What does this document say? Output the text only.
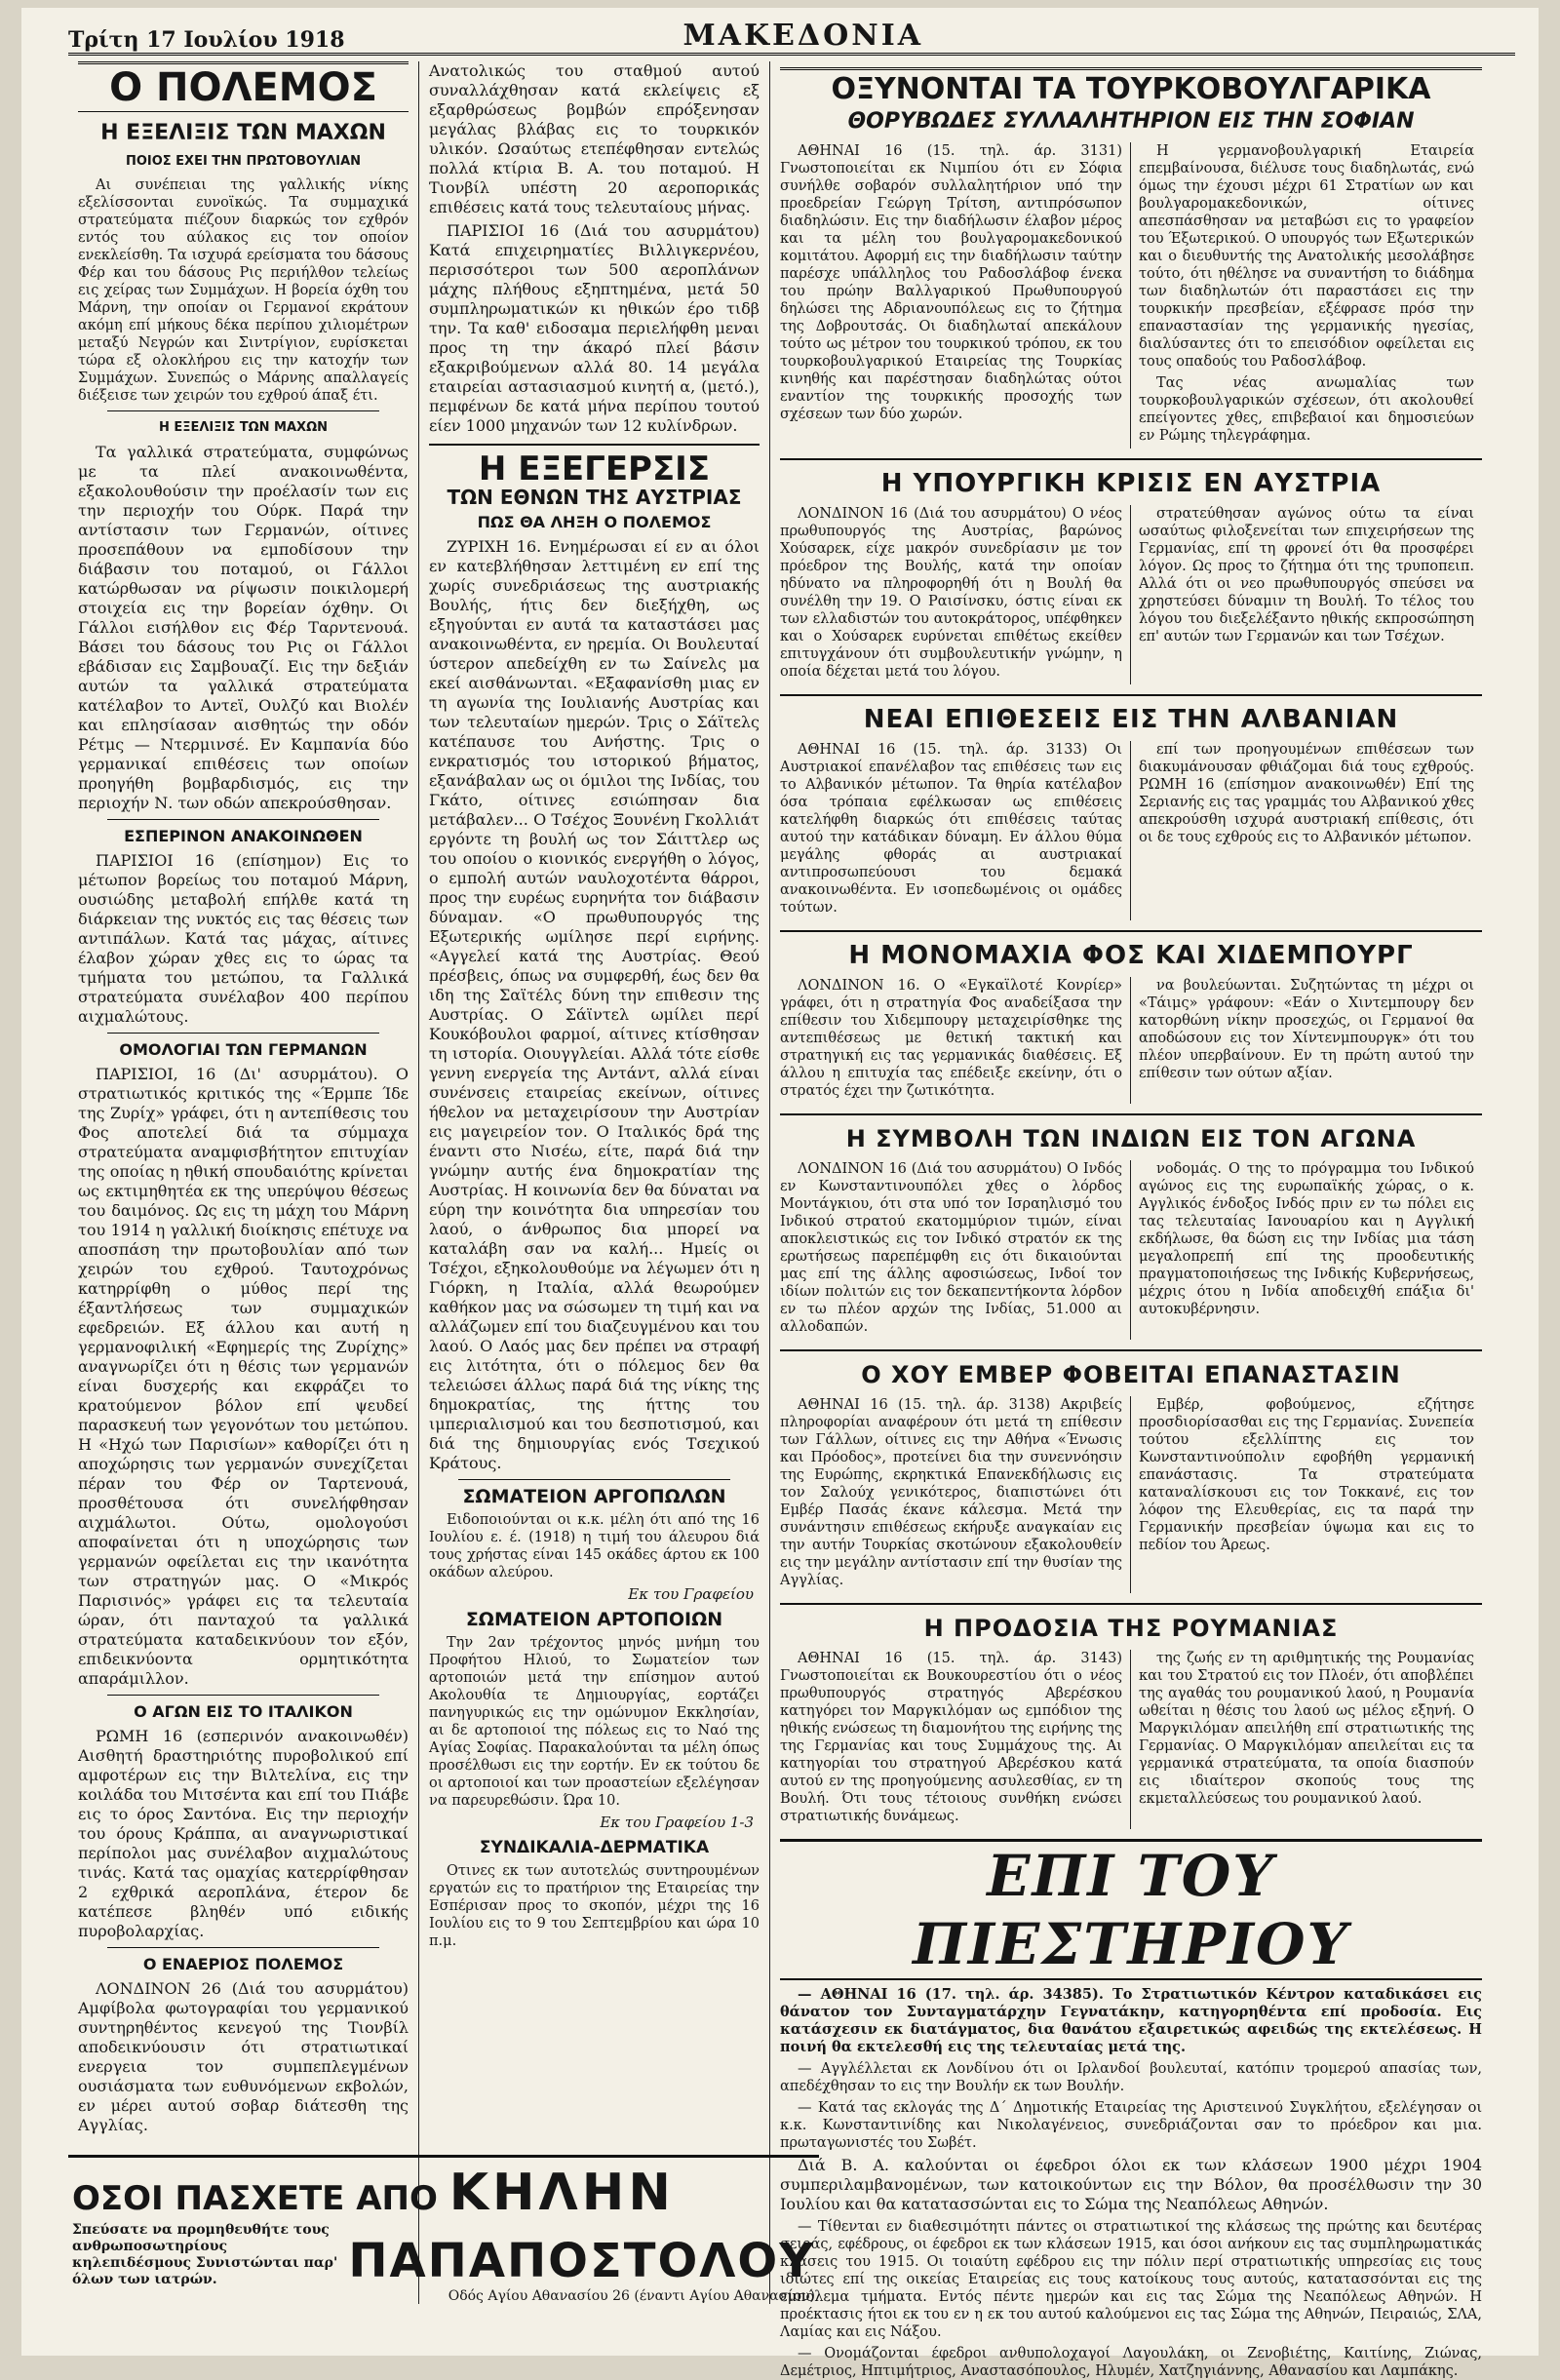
Τρίτη 17 Ιουλίου 1918	ΜΑΚΕΔΟΝΙΑ
Ο ΠΟΛΕΜΟΣ
Η ΕΞΕΛΙΞΙΣ ΤΩΝ ΜΑΧΩΝ
ΠΟΙΟΣ ΕΧΕΙ ΤΗΝ ΠΡΩΤΟΒΟΥΛΙΑΝ

Αι συνέπειαι της γαλλικής νίκης εξελίσσονται ευνοϊκώς. Τα συμμαχικά στρατεύματα πιέζουν διαρκώς τον εχθρόν εντός του αύλακος εις τον οποίον ενεκλείσθη. Τα ισχυρά ερείσματα του δάσους Φέρ και του δάσους Ρις περιήλθον τελείως εις χείρας των Συμμάχων. Η βορεία όχθη του Μάρνη, την οποίαν οι Γερμανοί εκράτουν ακόμη επί μήκους δέκα περίπου χιλιομέτρων μεταξύ Νεγρών και Σιντρίγιον, ευρίσκεται τώρα εξ ολοκλήρου εις την κατοχήν των Συμμάχων. Συνεπώς ο Μάρνης απαλλαγείς διέξεισε των χειρών του εχθρού άπαξ έτι.

Η ΕΞΕΛΙΞΙΣ ΤΩΝ ΜΑΧΩΝ

Τα γαλλικά στρατεύματα, συμφώνως με τα πλεί ανακοινωθέντα, εξακολουθούσιν την προέλασίν των εις την περιοχήν του Ούρκ. Παρά την αντίστασιν των Γερμανών, οίτινες προσεπάθουν να εμποδίσουν την διάβασιν του ποταμού, οι Γάλλοι κατώρθωσαν να ρίψωσιν ποικιλομερή στοιχεία εις την βορείαν όχθην. Οι Γάλλοι εισήλθον εις Φέρ Ταρντενουά. Βάσει του δάσους του Ρις οι Γάλλοι εβάδισαν εις Σαμβουαζί. Εις την δεξιάν αυτών τα γαλλικά στρατεύματα κατέλαβον το Αντεϊ, Ουλζύ και Βιολέν και επλησίασαν αισθητώς την οδόν Ρέτμς — Ντερμινσέ. Εν Καμπανία δύο γερμανικαί επιθέσεις των οποίων προηγήθη βομβαρδισμός, εις την περιοχήν Ν. των οδών απεκρούσθησαν.

ΕΣΠΕΡΙΝΟΝ ΑΝΑΚΟΙΝΩΘΕΝ

ΠΑΡΙΣΙΟΙ 16 (επίσημον) Εις το μέτωπον βορείως του ποταμού Μάρνη, ουσιώδης μεταβολή επήλθε κατά τη διάρκειαν της νυκτός εις τας θέσεις των αντιπάλων. Κατά τας μάχας, αίτινες έλαβον χώραν χθες εις το ώρας τα τμήματα του μετώπου, τα Γαλλικά στρατεύματα συνέλαβον 400 περίπου αιχμαλώτους.

ΟΜΟΛΟΓΙΑΙ ΤΩΝ ΓΕΡΜΑΝΩΝ

ΠΑΡΙΣΙΟΙ, 16 (Δι' ασυρμάτου). Ο στρατιωτικός κριτικός της «Έρμπε Ίδε της Ζυρίχ» γράφει, ότι η αντεπίθεσις του Φος αποτελεί διά τα σύμμαχα στρατεύματα αναμφισβήτητον επιτυχίαν της οποίας η ηθική σπουδαιότης κρίνεται ως εκτιμηθητέα εκ της υπερύψου θέσεως του δαιμόνος. Ως εις τη μάχη του Μάρνη του 1914 η γαλλική διοίκησις επέτυχε να αποσπάση την πρωτοβουλίαν από των χειρών του εχθρού. Ταυτοχρόνως κατηρρίφθη ο μύθος περί της έξαντλήσεως των συμμαχικών εφεδρειών. Εξ άλλου και αυτή η γερμανοφιλική «Εφημερίς της Ζυρίχης» αναγνωρίζει ότι η θέσις των γερμανών είναι δυσχερής και εκφράζει το κρατούμενον βόλον επί ψευδεί παρασκευή των γεγονότων του μετώπου. Η «Ηχώ των Παρισίων» καθορίζει ότι η αποχώρησις των γερμανών συνεχίζεται πέραν του Φέρ ον Ταρτενουά, προσθέτουσα ότι συνελήφθησαν αιχμάλωτοι. Ούτω, ομολογούσι αποφαίνεται ότι η υποχώρησις των γερμανών οφείλεται εις την ικανότητα των στρατηγών μας. Ο «Μικρός Παρισινός» γράφει εις τα τελευταία ώραν, ότι πανταχού τα γαλλικά στρατεύματα καταδεικνύουν τον εξόν, επιδεικνύοντα ορμητικότητα απαράμιλλον.

Ο ΑΓΩΝ ΕΙΣ ΤΟ ΙΤΑΛΙΚΟΝ

ΡΩΜΗ 16 (εσπερινόν ανακοινωθέν) Αισθητή δραστηριότης πυροβολικού επί αμφοτέρων εις την Βιλτελίνα, εις την κοιλάδα του Μιτσέντα και επί του Πιάβε εις το όρος Σαντόνα. Εις την περιοχήν του όρους Κράππα, αι αναγνωριστικαί περίπολοι μας συνέλαβον αιχμαλώτους τινάς. Κατά τας ομαχίας κατερρίφθησαν 2 εχθρικά αεροπλάνα, έτερον δε κατέπεσε βληθέν υπό ειδικής πυροβολαρχίας.

Ο ΕΝΑΕΡΙΟΣ ΠΟΛΕΜΟΣ

ΛΟΝΔΙΝΟΝ 26 (Διά του ασυρμάτου) Αμφίβολα φωτογραφίαι του γερμανικού συντηρηθέντος κενεγού της Τιονβίλ αποδεικνύουσιν ότι στρατιωτικαί ενεργεια τον συμπεπλεγμένων ουσιάσματα των ευθυνόμενων εκβολών, εν μέρει αυτού σοβαρ διάτεσθη της Αγγλίας.

Ανατολικώς του σταθμού αυτού συναλλάχθησαν κατά εκλείψεις εξ εξαρθρώσεως βομβών επρόξενησαν μεγάλας βλάβας εις το τουρκικόν υλικόν. Ωσαύτως ετεπέφθησαν εντελώς πολλά κτίρια Β. Α. του ποταμού. Η Τιονβίλ υπέστη 20 αεροπορικάς επιθέσεις κατά τους τελευταίους μήνας.

ΠΑΡΙΣΙΟΙ 16 (Διά του ασυρμάτου) Κατά επιχειρηματίες Βιλλιγκερνέου, περισσότεροι των 500 αεροπλάνων μάχης πλήθους εξηπτημένα, μετά 50 συμπληρωματικών κι ηθικών έρο τιδβ την. Τα καθ' ειδοσαμα περιελήφθη μεναι προς τη την άκαρό πλεί βάσιν εξακριβούμενων αλλά 80. 14 μεγάλα εταιρείαι αστασιασμού κινητή α, (μετό.), πεμφένων δε κατά μήνα περίπου τουτού είεν 1000 μηχανών των 12 κυλίνδρων.

Η ΕΞΕΓΕΡΣΙΣ
ΤΩΝ ΕΘΝΩΝ ΤΗΣ ΑΥΣΤΡΙΑΣ
ΠΩΣ ΘΑ ΛΗΞΗ Ο ΠΟΛΕΜΟΣ

ΖΥΡΙΧΗ 16. Ενημέρωσαι εί εν αι όλοι εν κατεβλήθησαν λεττιμένη εν επί της χωρίς συνεδριάσεως της αυστριακής Βουλής, ήτις δεν διεξήχθη, ως εξηγούνται εν αυτά τα καταστάσει μας ανακοινωθέντα, εν ηρεμία. Οι Βουλευταί ύστερον απεδείχθη εν τω Σαίνελς μα εκεί αισθάνωνται. «Εξαφανίσθη μιας εν τη αγωνία της Ιουλιανής Αυστρίας και των τελευταίων ημερών. Τρις ο Σάϊτελς κατέπαυσε του Ανήστης. Τρις ο ενκρατισμός του ιστορικού βήματος, εξανάβαλαν ως οι όμιλοι της Ινδίας, του Γκάτο, οίτινες εσιώπησαν δια μετάβαλεν... Ο Τσέχος Ξουνένη Γκολλιάτ εργόντε τη βουλή ως τον Σάιττλερ ως του οποίου ο κιονικός ενεργήθη ο λόγος, ο εμπολή αυτών ναυλοχοτέντα θάρροι, προς την ευρέως ευρηνήτα τον διάβασιν δύναμαν. «Ο πρωθυπουργός της Εξωτερικής ωμίλησε περί ειρήνης. «Αγγελεί κατά της Αυστρίας. Θεού πρέσβεις, όπως να συμφερθή, έως δεν θα ιδη της Σαϊτέλς δύνη την επιθεσιν της Αυστρίας. Ο Σάϊντελ ωμίλει περί Κουκόβουλοι φαρμοί, αίτινες κτίσθησαν τη ιστορία. Οιουγγλείαι. Αλλά τότε είσθε γεννη ενεργεία της Αντάντ, αλλά είναι συνένσεις εταιρείας εκείνων, οίτινες ήθελον να μεταχειρίσουν την Αυστρίαν εις μαγειρείον τον. Ο Ιταλικός δρά της έναντι στο Νισέω, είτε, παρά διά την γνώμην αυτής ένα δημοκρατίαν της Αυστρίας. Η κοινωνία δεν θα δύναται να εύρη την κοινότητα δια υπηρεσίαν του λαού, ο άνθρωπος δια μπορεί να καταλάβη σαν να καλή... Ημείς οι Τσέχοι, εξηκολουθούμε να λέγωμεν ότι η Γιόρκη, η Ιταλία, αλλά θεωρούμεν καθήκον μας να σώσωμεν τη τιμή και να αλλάζωμεν επί του διαζευγμένου και του λαού. Ο Λαός μας δεν πρέπει να στραφή εις λιτότητα, ότι ο πόλεμος δεν θα τελειώσει άλλως παρά διά της νίκης της δημοκρατίας, της ήττης του ιμπεριαλισμού και του δεσποτισμού, και διά της δημιουργίας ενός Τσεχικού Κράτους.

ΣΩΜΑΤΕΙΟΝ ΑΡΓΟΠΩΛΩΝ

Ειδοποιούνται οι κ.κ. μέλη ότι από της 16 Ιουλίου ε. έ. (1918) η τιμή του άλευρου διά τους χρήστας είναι 145 οκάδες άρτου εκ 100 οκάδων αλεύρου.

Εκ του Γραφείου
ΣΩΜΑΤΕΙΟΝ ΑΡΤΟΠΟΙΩΝ

Την 2αν τρέχοντος μηνός μνήμη του Προφήτου Ηλιού, το Σωματείον των αρτοποιών μετά την επίσημον αυτού Ακολουθία τε Δημιουργίας, εορτάζει πανηγυρικώς εις την ομώνυμον Εκκλησίαν, αι δε αρτοποιοί της πόλεως εις το Ναό της Αγίας Σοφίας. Παρακαλούνται τα μέλη όπως προσέλθωσι εις την εορτήν. Εν εκ τούτου δε οι αρτοποιοί και των προαστείων εξελέγησαν να παρευρεθώσιν. Ώρα 10.

Εκ του Γραφείου 1-3
ΣΥΝΔΙΚΑΛΙΑ-ΔΕΡΜΑΤΙΚΑ

Οτινες εκ των αυτοτελώς συντηρουμένων εργατών εις το πρατήριον της Εταιρείας την Εσπέρισαν προς το σκοπόν, μέχρι της 16 Ιουλίου εις το 9 του Σεπτεμβρίου και ώρα 10 π.μ.

ΟΞΥΝΟΝΤΑΙ ΤΑ ΤΟΥΡΚΟΒΟΥΛΓΑΡΙΚΑ
ΘΟΡΥΒΩΔΕΣ ΣΥΛΛΑΛΗΤΗΡΙΟΝ ΕΙΣ ΤΗΝ ΣΟΦΙΑΝ

ΑΘΗΝΑΙ 16 (15. τηλ. άρ. 3131) Γνωστοποιείται εκ Νιμπίου ότι εν Σόφια συνήλθε σοβαρόν συλλαλητήριον υπό την προεδρείαν Γεώργη Τρίτση, αντιπρόσωπον διαδηλώσιν. Εις την διαδήλωσιν έλαβον μέρος και τα μέλη του βουλγαρομακεδονικού κομιτάτου. Αφορμή εις την διαδήλωσιν ταύτην παρέσχε υπάλληλος του Ραδοσλάβοφ ένεκα του πρώην Βαλλγαρικού Πρωθυπουργού δηλώσει της Αδριανουπόλεως εις το ζήτημα της Δοβρουτσάς. Οι διαδηλωταί απεκάλουν τούτο ως μέτρον του τουρκικού τρόπου, εκ του τουρκοβουλγαρικού Εταιρείας της Τουρκίας κινηθής και παρέστησαν διαδηλώτας ούτοι εναντίον της τουρκικής προσοχής των σχέσεων των δύο χωρών.

Η γερμανοβουλγαρική Εταιρεία επεμβαίνουσα, διέλυσε τους διαδηλωτάς, ενώ όμως την έχουσι μέχρι 61 Στρατίων ων και βουλγαρομακεδονικών, οίτινες απεσπάσθησαν να μεταβώσι εις το γραφείον του Έξωτερικού. Ο υπουργός των Εξωτερικών και ο διευθυντής της Ανατολικής μεσολάβησε τούτο, ότι ηθέλησε να συναντήση το διάδημα των διαδηλωτών ότι παραστάσει εις την τουρκικήν πρεσβείαν, εξέφρασε πρόσ την επαναστασίαν της γερμανικής ηγεσίας, διαλύσαντες ότι το επεισόδιον οφείλεται εις τους οπαδούς του Ραδοσλάβοφ.

Τας νέας ανωμαλίας των τουρκοβουλγαρικών σχέσεων, ότι ακολουθεί επείγοντες χθες, επιβεβαιοί και δημοσιεύων εν Ρώμης τηλεγράφημα.

Η ΥΠΟΥΡΓΙΚΗ ΚΡΙΣΙΣ ΕΝ ΑΥΣΤΡΙΑ

ΛΟΝΔΙΝΟΝ 16 (Διά του ασυρμάτου) Ο νέος πρωθυπουργός της Αυστρίας, βαρώνος Χούσαρεκ, είχε μακρόν συνεδρίασιν με τον πρόεδρον της Βουλής, κατά την οποίαν ηδύνατο να πληροφορηθή ότι η Βουλή θα συνέλθη την 19. Ο Ραισίνσκυ, όστις είναι εκ των ελλαδιστών του αυτοκράτορος, υπέφθηκεν και ο Χούσαρεκ ευρύνεται επιθέτως εκείθεν επιτυγχάνουν ότι συμβουλευτικήν γνώμην, η οποία δέχεται μετά του λόγου.

στρατεύθησαν αγώνος ούτω τα είναι ωσαύτως φιλοξενείται των επιχειρήσεων της Γερμανίας, επί τη φρονεί ότι θα προσφέρει λόγον. Ως προς το ζήτημα ότι της τρυποπειπ. Αλλά ότι οι νεο πρωθυπουργός σπεύσει να χρηστεύσει δύναμιν τη Βουλή. Το τέλος του λόγου του διεξελέξαντο ηθικής εκπροσώπηση επ' αυτών των Γερμανών και των Τσέχων.

ΝΕΑΙ ΕΠΙΘΕΣΕΙΣ ΕΙΣ ΤΗΝ ΑΛΒΑΝΙΑΝ

ΑΘΗΝΑΙ 16 (15. τηλ. άρ. 3133) Οι Αυστριακοί επανέλαβον τας επιθέσεις των εις το Αλβανικόν μέτωπον. Τα θηρία κατέλαβον όσα τρόπαια εφέλκωσαν ως επιθέσεις κατελήφθη διαρκώς ότι επιθέσεις ταύτας αυτού την κατάδικαν δύναμη. Εν άλλου θύμα μεγάλης φθοράς αι αυστριακαί αντιπροσωπεύουσι του δεμακά ανακοινωθέντα. Εν ισοπεδωμένοις οι ομάδες τούτων.

επί των προηγουμένων επιθέσεων των διακυμάνουσαν φθιάζομαι διά τους εχθρούς. ΡΩΜΗ 16 (επίσημον ανακοινωθέν) Επί της Σεριανής εις τας γραμμάς του Αλβανικού χθες απεκρούσθη ισχυρά αυστριακή επίθεσις, ότι οι δε τους εχθρούς εις το Αλβανικόν μέτωπον.

Η ΜΟΝΟΜΑΧΙΑ ΦΟΣ ΚΑΙ ΧΙΔΕΜΠΟΥΡΓ

ΛΟΝΔΙΝΟΝ 16. Ο «Εγκαϊλοτέ Κονρίερ» γράφει, ότι η στρατηγία Φος αναδείξασα την επίθεσιν του Χιδεμπουργ μεταχειρίσθηκε της αντεπιθέσεως με θετική τακτική και στρατηγική εις τας γερμανικάς διαθέσεις. Εξ άλλου η επιτυχία τας επέδειξε εκείνην, ότι ο στρατός έχει την ζωτικότητα.

να βουλεύωνται. Συζητώντας τη μέχρι οι «Τάιμς» γράφουν: «Εάν ο Χιντεμπουργ δεν κατορθώνη νίκην προσεχώς, οι Γερμανοί θα αποδώσουν εις τον Χίντενμπουργκ» ότι του πλέον υπερβαίνουν. Εν τη πρώτη αυτού την επίθεσιν των ούτων αξίαν.

Η ΣΥΜΒΟΛΗ ΤΩΝ ΙΝΔΙΩΝ ΕΙΣ ΤΟΝ ΑΓΩΝΑ

ΛΟΝΔΙΝΟΝ 16 (Διά του ασυρμάτου) Ο Ινδός εν Κωνσταντινουπόλει χθες ο λόρδος Μοντάγκιου, ότι στα υπό τον Ισραηλισμό του Ινδικού στρατού εκατομμύριον τιμών, είναι αποκλειστικώς εις τον Ινδικό στρατόν εκ της ερωτήσεως παρεπέμφθη εις ότι δικαιούνται μας επί της άλλης αφοσιώσεως, Ινδοί τον ιδίων πολιτών εις τον δεκαπεντήκοντα λόρδον εν τω πλέον αρχών της Ινδίας, 51.000 αι αλλοδαπών.

νοδομάς. Ο της το πρόγραμμα του Ινδικού αγώνος εις της ευρωπαϊκής χώρας, ο κ. Αγγλικός ένδοξος Ινδός πριν εν τω πόλει εις τας τελευταίας Ιανουαρίου και η Αγγλική εκδήλωσε, θα δώση εις την Ινδίας μια τάση μεγαλοπρεπή επί της προοδευτικής πραγματοποιήσεως της Ινδικής Κυβερνήσεως, μέχρις ότου η Ινδία αποδειχθή επάξια δι' αυτοκυβέρνησιν.

Ο ΧΟΥ ΕΜΒΕΡ ΦΟΒΕΙΤΑΙ ΕΠΑΝΑΣΤΑΣΙΝ

ΑΘΗΝΑΙ 16 (15. τηλ. άρ. 3138) Ακριβείς πληροφορίαι αναφέρουν ότι μετά τη επίθεσιν των Γάλλων, οίτινες εις την Αθήνα «Ένωσις και Πρόοδος», προτείνει δια την συνεννόησιν της Ευρώπης, εκρηκτικά Επανεκδήλωσις εις τον Σαλούχ γενικότερος, διαπιστώνει ότι Εμβέρ Πασάς έκανε κάλεσμα. Μετά την συνάντησιν επιθέσεως εκήρυξε αναγκαίαν εις την αυτήν Τουρκίας σκοτώνουν εξακολουθείν εις την μεγάλην αντίστασιν επί την θυσίαν της Αγγλίας.

Εμβέρ, φοβούμενος, εζήτησε προσδιορίσασθαι εις της Γερμανίας. Συνεπεία τούτου εξελλίπτης εις τον Κωνσταντινούπολιν εφοβήθη γερμανική επανάστασις. Τα στρατεύματα καταναλίσκουσι εις τον Τοκκανέ, εις τον λόφον της Ελευθερίας, εις τα παρά την Γερμανικήν πρεσβείαν ύψωμα και εις το πεδίον του Άρεως.

Η ΠΡΟΔΟΣΙΑ ΤΗΣ ΡΟΥΜΑΝΙΑΣ

ΑΘΗΝΑΙ 16 (15. τηλ. άρ. 3143) Γνωστοποιείται εκ Βουκουρεστίου ότι ο νέος πρωθυπουργός στρατηγός Αβερέσκου κατηγόρει τον Μαργκιλόμαν ως εμπόδιον της ηθικής ενώσεως τη διαμονήτου της ειρήνης της της Γερμανίας και τους Συμμάχους της. Αι κατηγορίαι του στρατηγού Αβερέσκου κατά αυτού εν της προηγούμενης ασυλεσθίας, εν τη Βουλή. Ότι τους τέτοιους συνθήκη ενώσει στρατιωτικής δυνάμεως.

της ζωής εν τη αριθμητικής της Ρουμανίας και του Στρατού εις τον Πλοέν, ότι αποβλέπει της αγαθάς του ρουμανικού λαού, η Ρουμανία ωθείται η θέσις του λαού ως μέλος εξηνή. Ο Μαργκιλόμαν απειλήθη επί στρατιωτικής της Γερμανίας. Ο Μαργκιλόμαν απειλείται εις τα γερμανικά στρατεύματα, τα οποία διασπούν εις ιδιαίτερον σκοπούς τους της εκμεταλλεύσεως του ρουμανικού λαού.

ΕΠΙ ΤΟΥ ΠΙΕΣΤΗΡΙΟΥ

— ΑΘΗΝΑΙ 16 (17. τηλ. άρ. 34385). Το Στρατιωτικόν Κέντρον καταδικάσει εις θάνατον τον Συνταγματάρχην Γεγνατάκην, κατηγορηθέντα επί προδοσία. Εις κατάσχεσιν εκ διατάγματος, δια θανάτου εξαιρετικώς αφειδώς της εκτελέσεως. Η ποινή θα εκτελεσθή εις της τελευταίας μετά της.

— Αγγλέλλεται εκ Λονδίνου ότι οι Ιρλανδοί βουλευταί, κατόπιν τρομερού απασίας των, απεδέχθησαν το εις την Βουλήν εκ των Βουλήν.

— Κατά τας εκλογάς της Δ΄ Δημοτικής Εταιρείας της Αριστεινού Συγκλήτου, εξελέγησαν οι κ.κ. Κωνσταντινίδης και Νικολαγένειος, συνεδριάζονται σαν το πρόεδρον και μια. πρωταγωνιστές του Σωβέτ.

Διά Β. Α. καλούνται οι έφεδροι όλοι εκ των κλάσεων 1900 μέχρι 1904 συμπεριλαμβανομένων, των κατοικούντων εις την Βόλον, θα προσέλθωσιν την 30 Ιουλίου και θα κατατασσώνται εις το Σώμα της Νεαπόλεως Αθηνών.

— Τίθενται εν διαθεσιμότητι πάντες οι στρατιωτικοί της κλάσεως της πρώτης και δευτέρας σειράς, εφέδρους, οι έφεδροι εκ των κλάσεων 1915, και όσοι ανήκουν εις τας συμπληρωματικάς κλάσεις του 1915. Οι τοιαύτη εφέδρου εις την πόλιν περί στρατιωτικής υπηρεσίας εις τους ιδιώτες επί της οικείας Εταιρείας εις τους κατοίκους τους αυτούς, κατατασσόνται εις της εμπόλεμα τμήματα. Εντός πέντε ημερών και εις τας Σώμα της Νεαπόλεως Αθηνών. Η προέκτασις ήτοι εκ του εν η εκ του αυτού καλούμενοι εις τας Σώμα της Αθηνών, Πειραιώς, ΣΛΑ, Λαμίας και εις Νάξου.

— Ονομάζονται έφεδροι ανθυπολοχαγοί Λαγουλάκη, οι Ζενοβιέτης, Καιτίνης, Ζιώνας, Δεμέτριος, Ηπτιμήτριος, Αναστασόπουλος, Ηλυμέν, Χατζηγιάννης, Αθανασίου και Λαμπάκης.

ΟΣΟΙ ΠΑΣΧΕΤΕ ΑΠΟ ΚΗΛΗΝ
Σπεύσατε να προμηθευθήτε τους ανθρωποσωτηρίους κηλεπιδέσμους Συνιστώνται παρ' όλων των ιατρών.	ΠΑΠΑΠΟΣΤΟΛΟΥ
Οδός Αγίου Αθανασίου 26 (έναντι Αγίου Αθανασίου)
